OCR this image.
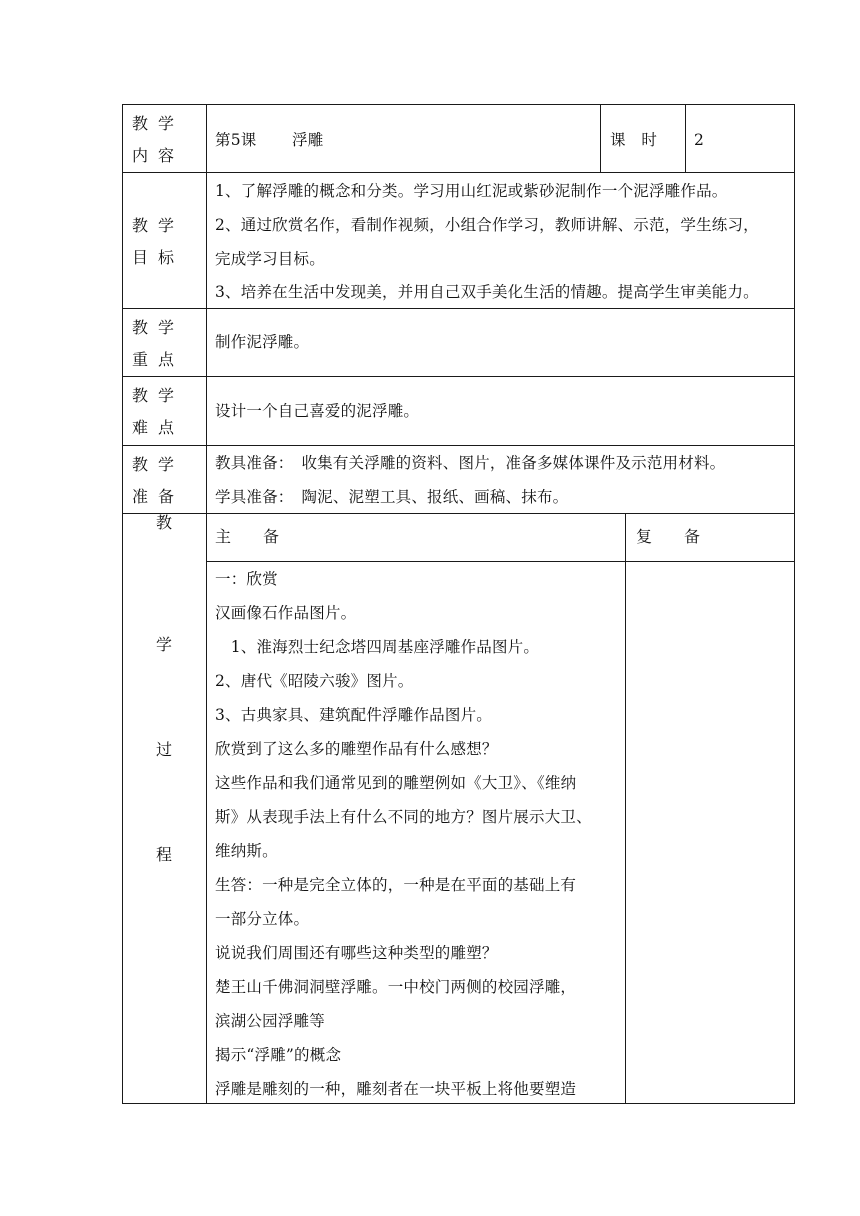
教学内容
第5课 浮雕	课　时 2
教学目标
1、了解浮雕的概念和分类。学习用山红泥或紫砂泥制作一个泥浮雕作品。
2、通过欣赏名作，看制作视频，小组合作学习，教师讲解、示范，学生练习，
完成学习目标。
3、培养在生活中发现美，并用自己双手美化生活的情趣。提高学生审美能力。
教学重点
制作泥浮雕。
教学难点
设计一个自己喜爱的泥浮雕。
教学准备
教具准备：　收集有关浮雕的资料、图片，准备多媒体课件及示范用材料。
学具准备：　陶泥、泥塑工具、报纸、画稿、抹布。
教
学
过
程
主　　备	复　　备
一：欣赏
汉画像石作品图片。
　1、淮海烈士纪念塔四周基座浮雕作品图片。
2、唐代《昭陵六骏》图片。
3、古典家具、建筑配件浮雕作品图片。
欣赏到了这么多的雕塑作品有什么感想？
这些作品和我们通常见到的雕塑例如《大卫》、《维纳
斯》从表现手法上有什么不同的地方？图片展示大卫、
维纳斯。
生答：一种是完全立体的，一种是在平面的基础上有
一部分立体。
说说我们周围还有哪些这种类型的雕塑？
楚王山千佛洞洞壁浮雕。一中校门两侧的校园浮雕，
滨湖公园浮雕等
揭示“浮雕”的概念
浮雕是雕刻的一种，雕刻者在一块平板上将他要塑造
